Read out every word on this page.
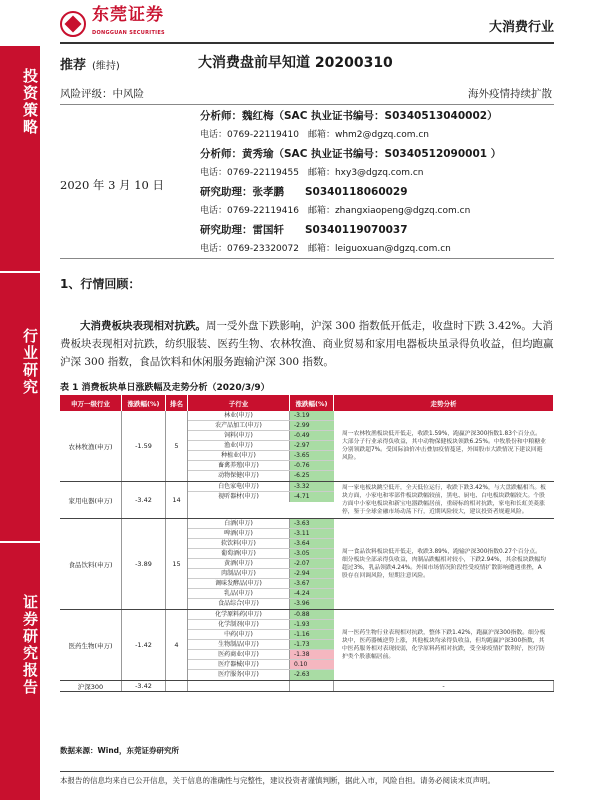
东莞证券
DONGGUAN SECURITIES	大消费行业
投资策略
行业研究
证券研究报告
推荐 (维持)	大消费盘前早知道 20200310
风险评级：中风险	海外疫情持续扩散
2020 年 3 月 10 日
分析师：魏红梅（SAC 执业证书编号：S0340513040002）
电话：0769-22119410　邮箱：whm2@dgzq.com.cn
分析师：黄秀瑜（SAC 执业证书编号：S0340512090001 ）
电话：0769-22119455　邮箱：hxy3@dgzq.com.cn
研究助理：张孝鹏　　S0340118060029
电话：0769-22119416　邮箱：zhangxiaopeng@dgzq.com.cn
研究助理：雷国轩　　S0340119070037
电话：0769-23320072　邮箱：leiguoxuan@dgzq.com.cn
1、行情回顾：
大消费板块表现相对抗跌。周一受外盘下跌影响，沪深 300 指数低开低走，收盘时下跌 3.42%。大消费板块表现相对抗跌，纺织服装、医药生物、农林牧渔、商业贸易和家用电器板块虽录得负收益，但均跑赢沪深 300 指数，食品饮料和休闲服务跑输沪深 300 指数。
表 1 消费板块单日涨跌幅及走势分析（2020/3/9）
申万一级行业	涨跌幅(%)	排名	子行业	涨跌幅(%)	走势分析
农林牧渔(申万)	-1.59	5
林业(申万)	-3.19
农产品加工(申万)	-2.99
饲料(申万)	-0.49
渔业(申万)	-2.97
种植业(申万)	-3.65
畜禽养殖(申万)	-0.76
动物保健(申万)	-6.25
周一农林牧渔板块低开低走，收跌1.59%，跑赢沪深300指数1.83个百分点。大部分子行业录得负收益，其中动物保健板块领跌6.25%。中牧股份和中粮糖业分别领跌超7%。受国际油价冲击叠加疫情蔓延，外围股市大跌情况下建议回避风险。
家用电器(申万)	-3.42	14
白色家电(申万)	-3.32
视听器材(申万)	-4.71
周一家电板块跳空低开，全天低位运行，收跌下跌3.42%，与大盘跌幅相当。板块方面，小家电和零部件板块跌幅较前，黑电、厨电、白电板块跌幅较大。个股方面中小家电板块和新宝电器跌幅居前，重磅标的相对抗跌，家电和长虹美菱涨停，鉴于全球金融市场动荡下行，近期风险较大，建议投资者规避风险。
食品饮料(申万)	-3.89	15
白酒(申万)	-3.63
啤酒(申万)	-3.11
软饮料(申万)	-3.64
葡萄酒(申万)	-3.05
黄酒(申万)	-2.07
肉制品(申万)	-2.94
调味发酵品(申万)	-3.67
乳品(申万)	-4.24
食品综合(申万)	-3.96
周一食品饮料板块低开低走，收跌3.89%，跑输沪深300指数0.27个百分点。细分板块全部录得负收益，肉制品跌幅相对较小，下跌2.94%，其余板块跌幅均超过3%，乳品领跌4.24%。外围市场情况阶段性受疫情扩散影响遭遇重挫，A股存在回调风险，短期注意风险。
医药生物(申万)	-1.42	4
化学原料药(申万)	-0.88
化学制剂(申万)	-1.93
中药(申万)	-1.16
生物制品(申万)	-1.73
医药商业(申万)	-1.38
医疗器械(申万)	0.10
医疗服务(申万)	-2.63
周一医药生物行业表现相对抗跌，整体下跌1.42%，跑赢沪深300指数。细分板块中，医药器械逆势上涨，其他板块均录得负收益，但均跑赢沪深300指数，其中医药服务相对表现较弱，化学原料药相对抗跌，受全球疫情扩散利好，医疗防护类个股涨幅居前。
沪深300	-3.42	-
数据来源：Wind，东莞证券研究所
本报告的信息均来自已公开信息，关于信息的准确性与完整性，建议投资者谨慎判断，据此入市，风险自担。请务必阅读末页声明。
